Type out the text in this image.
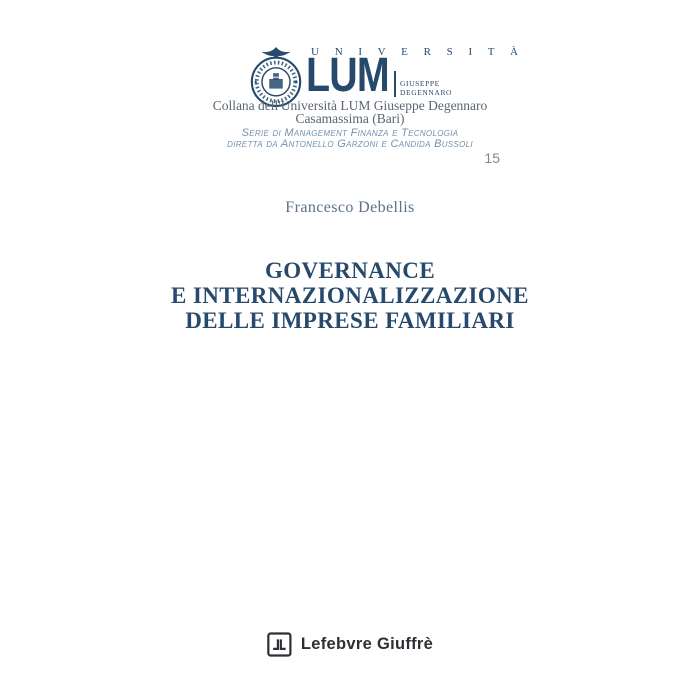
U N I V E R S I T À
LUM GIUSEPPE
DEGENNARO
Collana dell'Università LUM Giuseppe Degennaro
Casamassima (Bari)
Serie di Management Finanza e Tecnologia
diretta da Antonello Garzoni e Candida Bussoli
15
Francesco Debellis
GOVERNANCE
E INTERNAZIONALIZZAZIONE
DELLE IMPRESE FAMILIARI
Lefebvre Giuffrè
